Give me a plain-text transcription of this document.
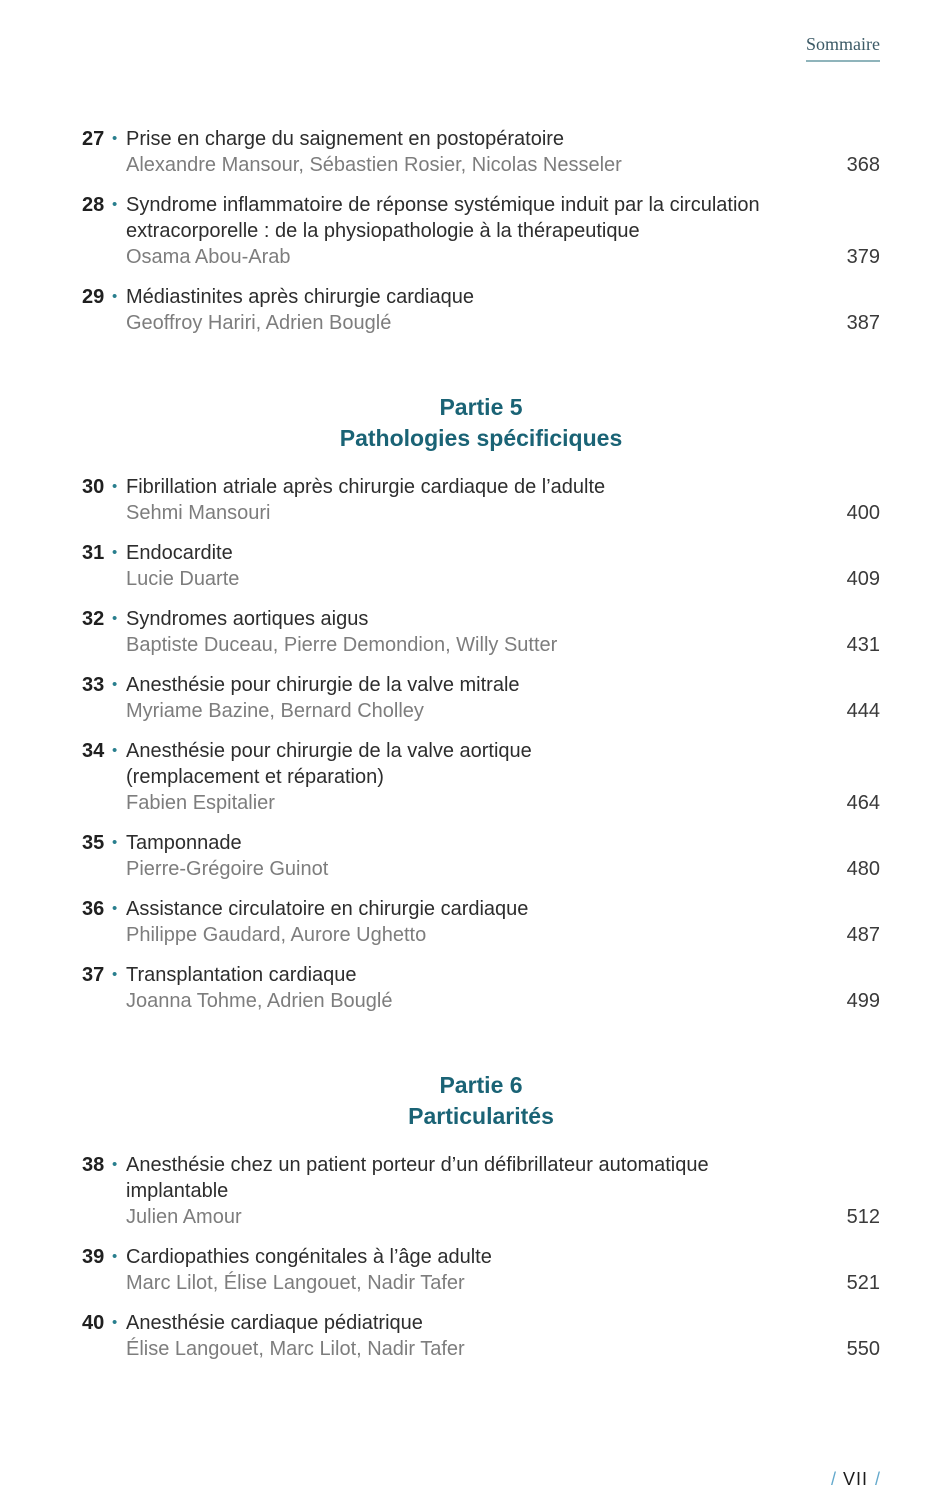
Sommaire
27 • Prise en charge du saignement en postopératoire
Alexandre Mansour, Sébastien Rosier, Nicolas Nesseler	368
28 • Syndrome inflammatoire de réponse systémique induit par la circulation
extracorporelle : de la physiopathologie à la thérapeutique
Osama Abou-Arab	379
29 • Médiastinites après chirurgie cardiaque
Geoffroy Hariri, Adrien Bouglé	387
Partie 5
Pathologies spécificiques
30 • Fibrillation atriale après chirurgie cardiaque de l’adulte
Sehmi Mansouri	400
31 • Endocardite
Lucie Duarte	409
32 • Syndromes aortiques aigus
Baptiste Duceau, Pierre Demondion, Willy Sutter	431
33 • Anesthésie pour chirurgie de la valve mitrale
Myriame Bazine, Bernard Cholley	444
34 • Anesthésie pour chirurgie de la valve aortique
(remplacement et réparation)
Fabien Espitalier	464
35 • Tamponnade
Pierre-Grégoire Guinot	480
36 • Assistance circulatoire en chirurgie cardiaque
Philippe Gaudard, Aurore Ughetto	487
37 • Transplantation cardiaque
Joanna Tohme, Adrien Bouglé	499
Partie 6
Particularités
38 • Anesthésie chez un patient porteur d’un défibrillateur automatique
implantable
Julien Amour	512
39 • Cardiopathies congénitales à l’âge adulte
Marc Lilot, Élise Langouet, Nadir Tafer	521
40 • Anesthésie cardiaque pédiatrique
Élise Langouet, Marc Lilot, Nadir Tafer	550
/ VII /
